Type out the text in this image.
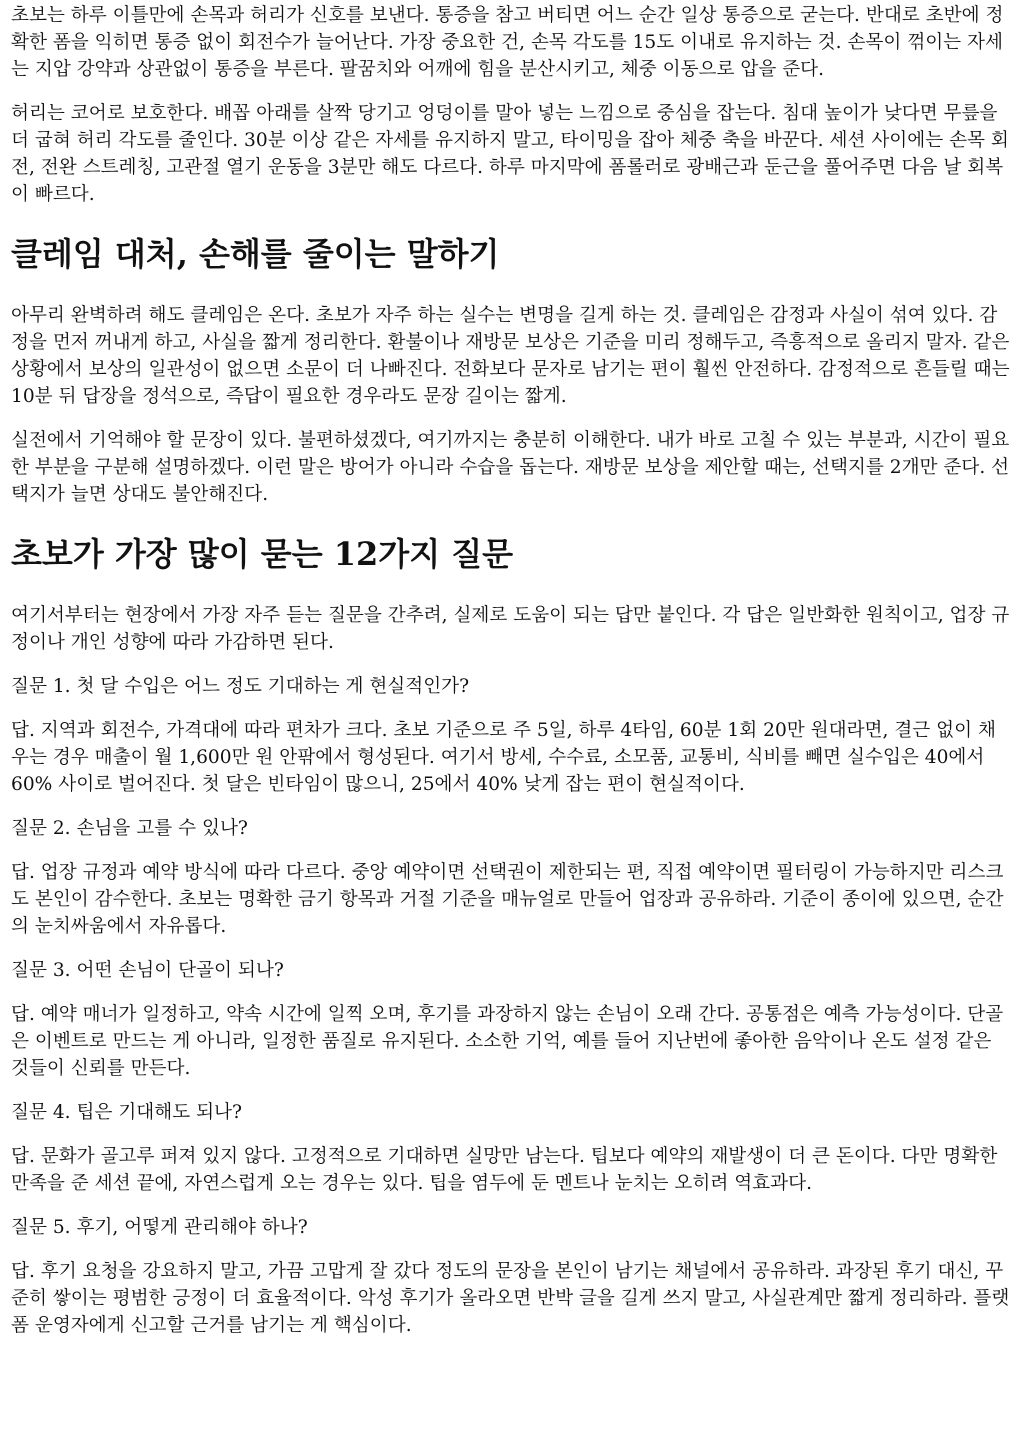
초보는 하루 이틀만에 손목과 허리가 신호를 보낸다. 통증을 참고 버티면 어느 순간 일상 통증으로 굳는다. 반대로 초반에 정확한 폼을 익히면 통증 없이 회전수가 늘어난다. 가장 중요한 건, 손목 각도를 15도 이내로 유지하는 것. 손목이 꺾이는 자세는 지압 강약과 상관없이 통증을 부른다. 팔꿈치와 어깨에 힘을 분산시키고, 체중 이동으로 압을 준다.

허리는 코어로 보호한다. 배꼽 아래를 살짝 당기고 엉덩이를 말아 넣는 느낌으로 중심을 잡는다. 침대 높이가 낮다면 무릎을 더 굽혀 허리 각도를 줄인다. 30분 이상 같은 자세를 유지하지 말고, 타이밍을 잡아 체중 축을 바꾼다. 세션 사이에는 손목 회전, 전완 스트레칭, 고관절 열기 운동을 3분만 해도 다르다. 하루 마지막에 폼롤러로 광배근과 둔근을 풀어주면 다음 날 회복이 빠르다.

클레임 대처, 손해를 줄이는 말하기

아무리 완벽하려 해도 클레임은 온다. 초보가 자주 하는 실수는 변명을 길게 하는 것. 클레임은 감정과 사실이 섞여 있다. 감정을 먼저 꺼내게 하고, 사실을 짧게 정리한다. 환불이나 재방문 보상은 기준을 미리 정해두고, 즉흥적으로 올리지 말자. 같은 상황에서 보상의 일관성이 없으면 소문이 더 나빠진다. 전화보다 문자로 남기는 편이 훨씬 안전하다. 감정적으로 흔들릴 때는 10분 뒤 답장을 정석으로, 즉답이 필요한 경우라도 문장 길이는 짧게.

실전에서 기억해야 할 문장이 있다. 불편하셨겠다, 여기까지는 충분히 이해한다. 내가 바로 고칠 수 있는 부분과, 시간이 필요한 부분을 구분해 설명하겠다. 이런 말은 방어가 아니라 수습을 돕는다. 재방문 보상을 제안할 때는, 선택지를 2개만 준다. 선택지가 늘면 상대도 불안해진다.

초보가 가장 많이 묻는 12가지 질문

여기서부터는 현장에서 가장 자주 듣는 질문을 간추려, 실제로 도움이 되는 답만 붙인다. 각 답은 일반화한 원칙이고, 업장 규정이나 개인 성향에 따라 가감하면 된다.

질문 1. 첫 달 수입은 어느 정도 기대하는 게 현실적인가?

답. 지역과 회전수, 가격대에 따라 편차가 크다. 초보 기준으로 주 5일, 하루 4타임, 60분 1회 20만 원대라면, 결근 없이 채우는 경우 매출이 월 1,600만 원 안팎에서 형성된다. 여기서 방세, 수수료, 소모품, 교통비, 식비를 빼면 실수입은 40에서 60% 사이로 벌어진다. 첫 달은 빈타임이 많으니, 25에서 40% 낮게 잡는 편이 현실적이다.

질문 2. 손님을 고를 수 있나?

답. 업장 규정과 예약 방식에 따라 다르다. 중앙 예약이면 선택권이 제한되는 편, 직접 예약이면 필터링이 가능하지만 리스크도 본인이 감수한다. 초보는 명확한 금기 항목과 거절 기준을 매뉴얼로 만들어 업장과 공유하라. 기준이 종이에 있으면, 순간의 눈치싸움에서 자유롭다.

질문 3. 어떤 손님이 단골이 되나?

답. 예약 매너가 일정하고, 약속 시간에 일찍 오며, 후기를 과장하지 않는 손님이 오래 간다. 공통점은 예측 가능성이다. 단골은 이벤트로 만드는 게 아니라, 일정한 품질로 유지된다. 소소한 기억, 예를 들어 지난번에 좋아한 음악이나 온도 설정 같은 것들이 신뢰를 만든다.

질문 4. 팁은 기대해도 되나?

답. 문화가 골고루 퍼져 있지 않다. 고정적으로 기대하면 실망만 남는다. 팁보다 예약의 재발생이 더 큰 돈이다. 다만 명확한 만족을 준 세션 끝에, 자연스럽게 오는 경우는 있다. 팁을 염두에 둔 멘트나 눈치는 오히려 역효과다.

질문 5. 후기, 어떻게 관리해야 하나?

답. 후기 요청을 강요하지 말고, 가끔 고맙게 잘 갔다 정도의 문장을 본인이 남기는 채널에서 공유하라. 과장된 후기 대신, 꾸준히 쌓이는 평범한 긍정이 더 효율적이다. 악성 후기가 올라오면 반박 글을 길게 쓰지 말고, 사실관계만 짧게 정리하라. 플랫폼 운영자에게 신고할 근거를 남기는 게 핵심이다.
